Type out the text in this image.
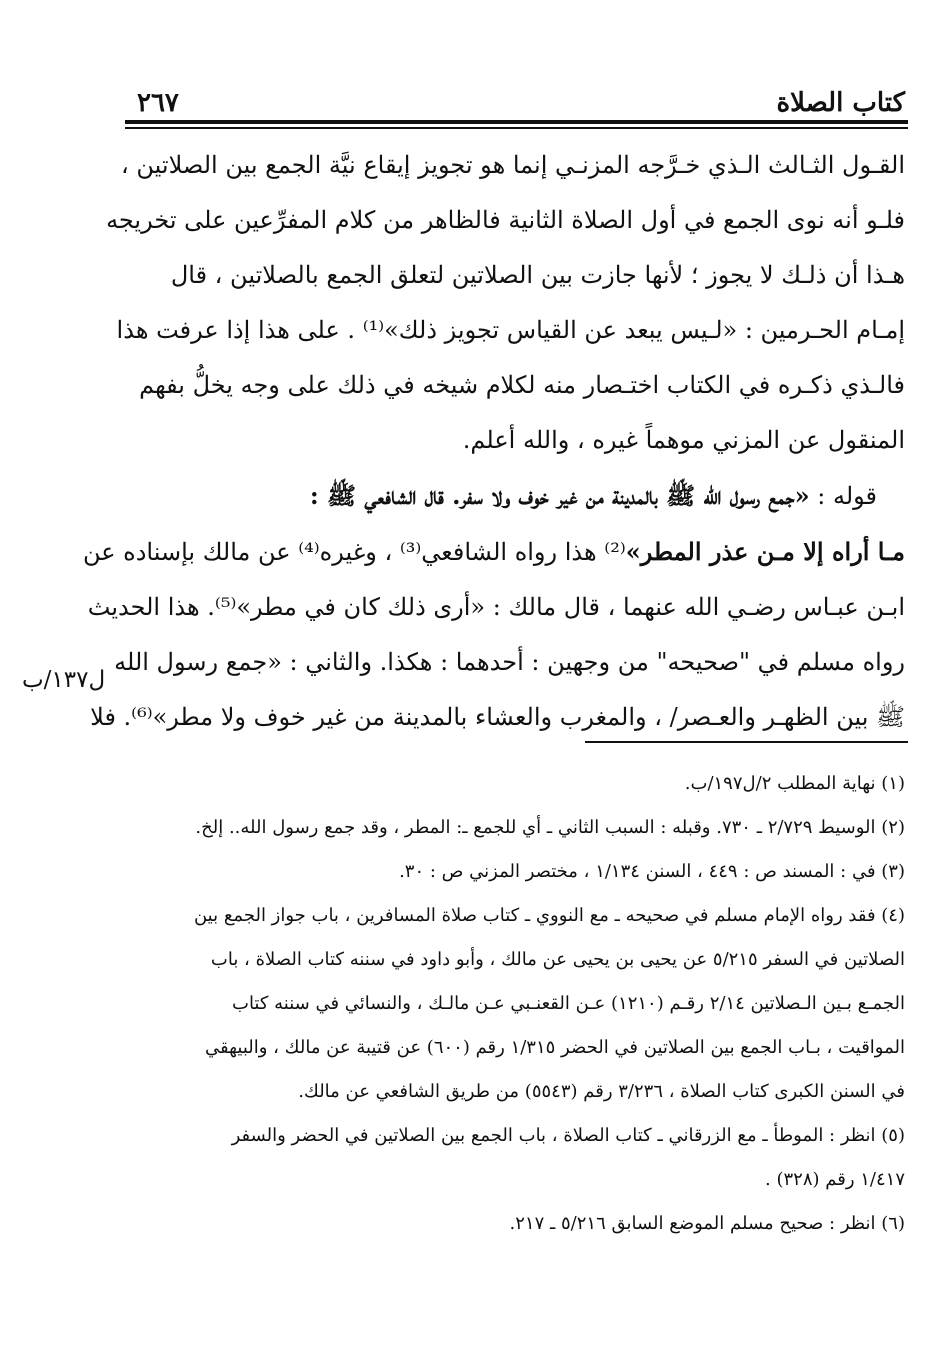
كتاب الصلاة
٢٦٧
القـول الثـالث الـذي خـرَّجه المزنـي إنما هو تجويز إيقاع نيَّة الجمع بين الصلاتين ،
فلـو أنه نوى الجمع في أول الصلاة الثانية فالظاهر من كلام المفرِّعين على تخريجه
هـذا أن ذلـك لا يجوز ؛ لأنها جازت بين الصلاتين لتعلق الجمع بالصلاتين ، قال
إمـام الحـرمين : «لـيس يبعد عن القياس تجويز ذلك»⁽¹⁾ . على هذا إذا عرفت هذا
فالـذي ذكـره في الكتاب اختـصار منه لكلام شيخه في ذلك على وجه يخلُّ بفهم
المنقول عن المزني موهماً غيره ، والله أعلم.
قوله : «جمع رسول الله ﷺ بالمدينة من غير خوف ولا سفر. قال الشافعي ﷺ :
مـا أراه إلا مـن عذر المطر»⁽²⁾ هذا رواه الشافعي⁽³⁾ ، وغيره⁽⁴⁾ عن مالك بإسناده عن
ابـن عبـاس رضـي الله عنهما ، قال مالك : «أرى ذلك كان في مطر»⁽⁵⁾. هذا الحديث
رواه مسلم في "صحيحه" من وجهين : أحدهما : هكذا. والثاني : «جمع رسول الله
ﷺ بين الظهـر والعـصر/ ، والمغرب والعشاء بالمدينة من غير خوف ولا مطر»⁽⁶⁾. فلا
ل١٣٧/ب
(١) نهاية المطلب ٢/ل١٩٧/ب.
(٢) الوسيط ٢/٧٢٩ ـ ٧٣٠. وقبله : السبب الثاني ـ أي للجمع ـ: المطر ، وقد جمع رسول الله.. إلخ.
(٣) في : المسند ص : ٤٤٩ ، السنن ١/١٣٤ ، مختصر المزني ص : ٣٠.
(٤) فقد رواه الإمام مسلم في صحيحه ـ مع النووي ـ كتاب صلاة المسافرين ، باب جواز الجمع بين
الصلاتين في السفر ٥/٢١٥ عن يحيى بن يحيى عن مالك ، وأبو داود في سننه كتاب الصلاة ، باب
الجمـع بـين الـصلاتين ٢/١٤ رقـم (١٢١٠) عـن القعنـبي عـن مالـك ، والنسائي في سننه كتاب
المواقيت ، بـاب الجمع بين الصلاتين في الحضر ١/٣١٥ رقم (٦٠٠) عن قتيبة عن مالك ، والبيهقي
في السنن الكبرى كتاب الصلاة ، ٣/٢٣٦ رقم (٥٥٤٣) من طريق الشافعي عن مالك.
(٥) انظر : الموطأ ـ مع الزرقاني ـ كتاب الصلاة ، باب الجمع بين الصلاتين في الحضر والسفر
١/٤١٧ رقم (٣٢٨) .
(٦) انظر : صحيح مسلم الموضع السابق ٥/٢١٦ ـ ٢١٧.
